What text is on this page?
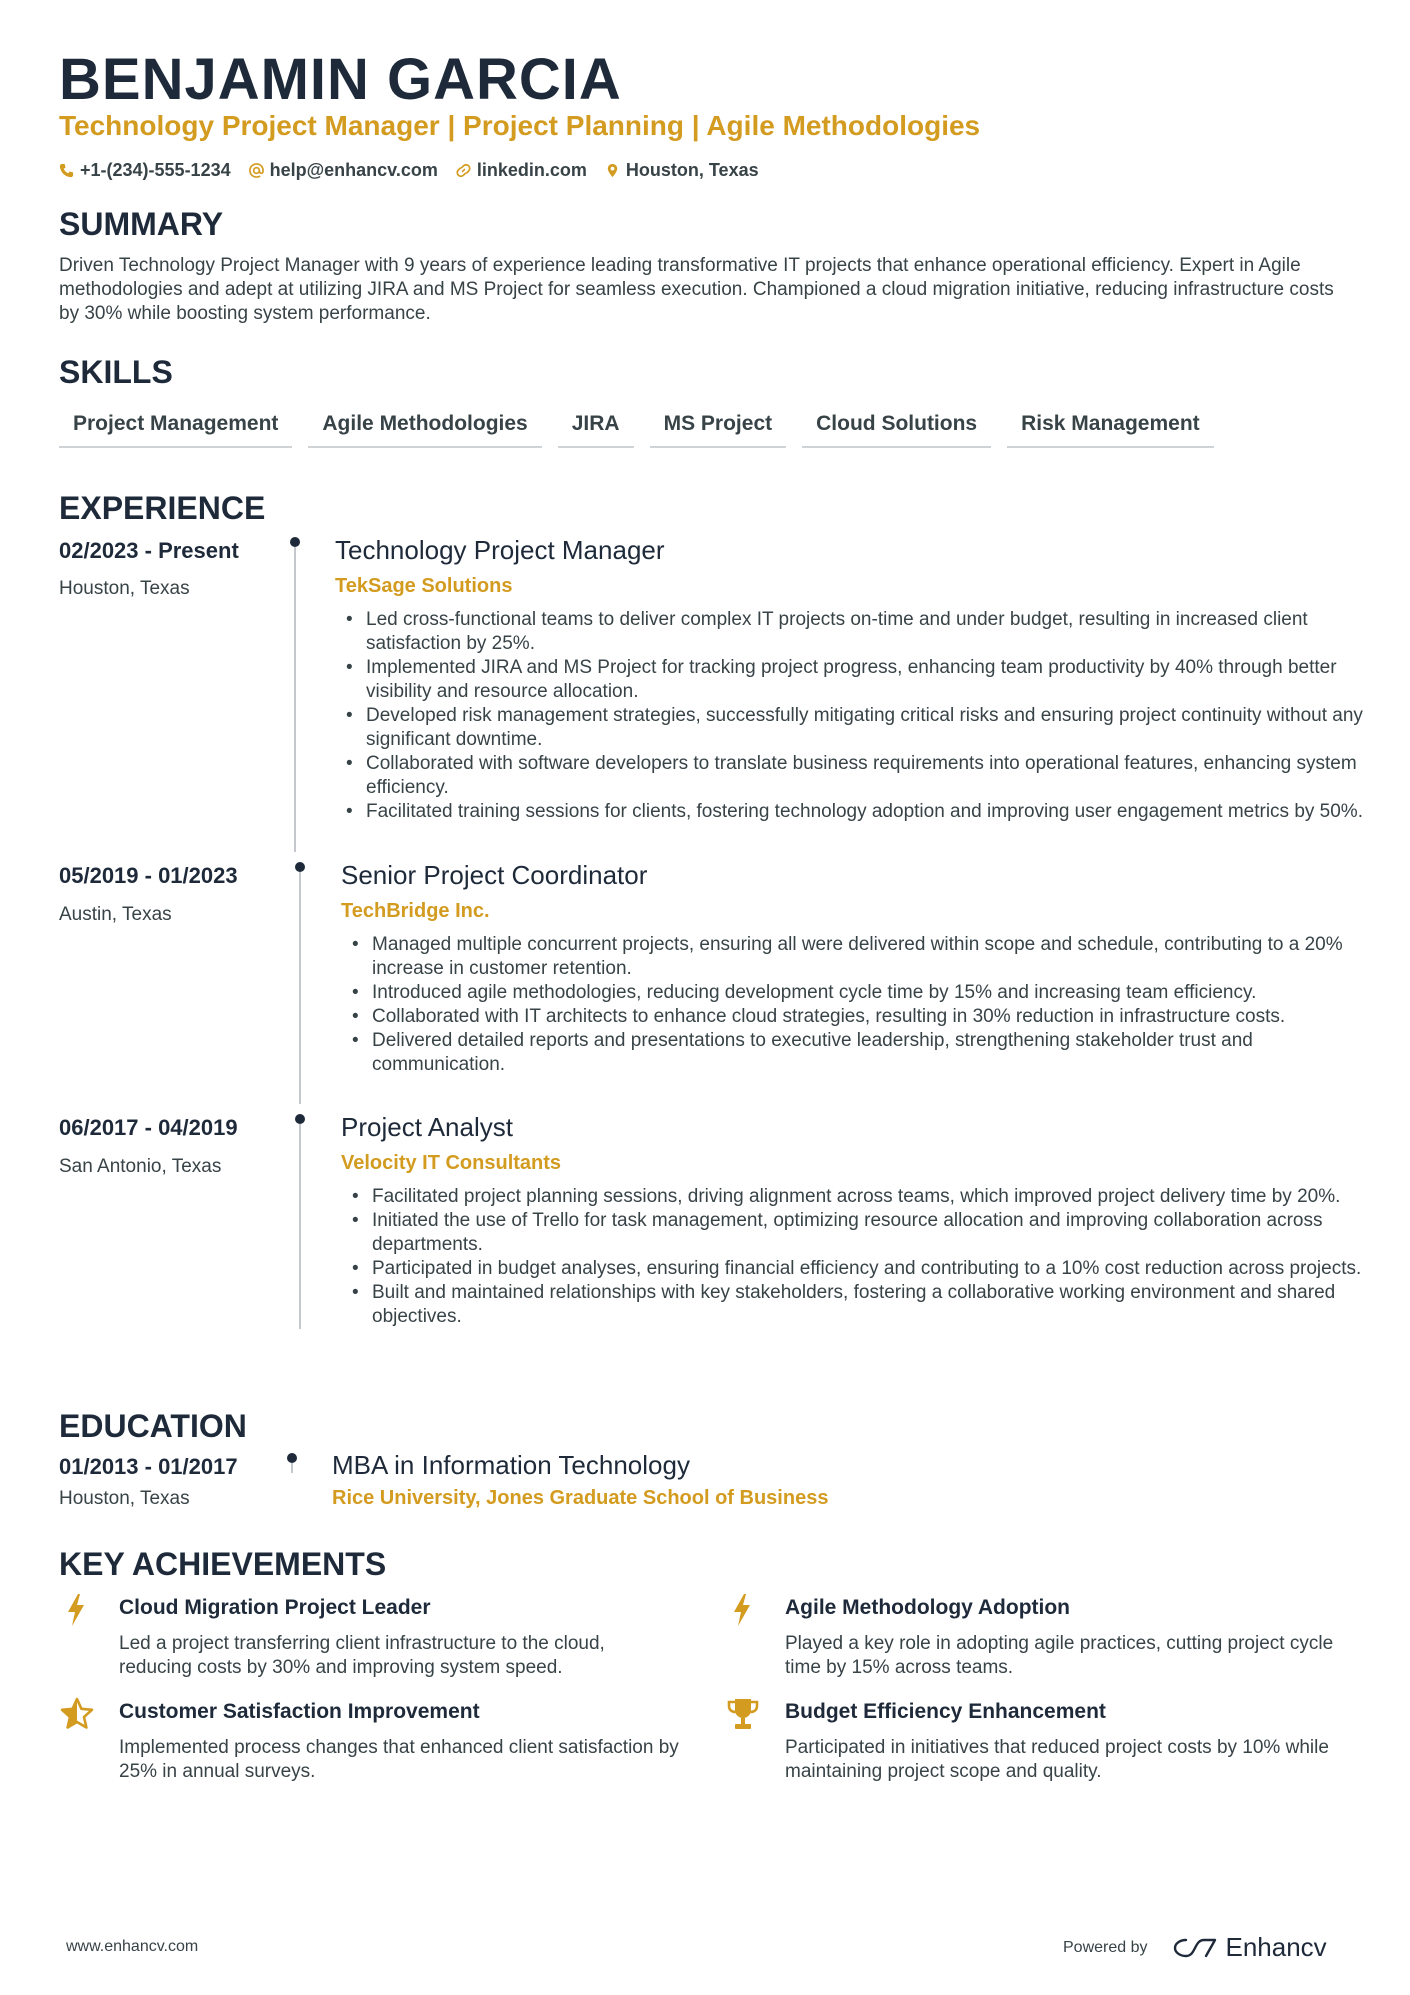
BENJAMIN GARCIA
Technology Project Manager | Project Planning | Agile Methodologies
+1-(234)-555-1234 help@enhancv.com linkedin.com Houston, Texas
SUMMARY
Driven Technology Project Manager with 9 years of experience leading transformative IT projects that enhance operational efficiency. Expert in Agile methodologies and adept at utilizing JIRA and MS Project for seamless execution. Championed a cloud migration initiative, reducing infrastructure costs by 30% while boosting system performance.
SKILLS
Project Management	Agile Methodologies	JIRA	MS Project	Cloud Solutions	Risk Management
EXPERIENCE
02/2023 - Present
Houston, Texas
Technology Project Manager
TekSage Solutions
• Led cross-functional teams to deliver complex IT projects on-time and under budget, resulting in increased client satisfaction by 25%.
• Implemented JIRA and MS Project for tracking project progress, enhancing team productivity by 40% through better visibility and resource allocation.
• Developed risk management strategies, successfully mitigating critical risks and ensuring project continuity without any significant downtime.
• Collaborated with software developers to translate business requirements into operational features, enhancing system efficiency.
• Facilitated training sessions for clients, fostering technology adoption and improving user engagement metrics by 50%.
05/2019 - 01/2023
Austin, Texas
Senior Project Coordinator
TechBridge Inc.
• Managed multiple concurrent projects, ensuring all were delivered within scope and schedule, contributing to a 20% increase in customer retention.
• Introduced agile methodologies, reducing development cycle time by 15% and increasing team efficiency.
• Collaborated with IT architects to enhance cloud strategies, resulting in 30% reduction in infrastructure costs.
• Delivered detailed reports and presentations to executive leadership, strengthening stakeholder trust and communication.
06/2017 - 04/2019
San Antonio, Texas
Project Analyst
Velocity IT Consultants
• Facilitated project planning sessions, driving alignment across teams, which improved project delivery time by 20%.
• Initiated the use of Trello for task management, optimizing resource allocation and improving collaboration across departments.
• Participated in budget analyses, ensuring financial efficiency and contributing to a 10% cost reduction across projects.
• Built and maintained relationships with key stakeholders, fostering a collaborative working environment and shared objectives.
EDUCATION
01/2013 - 01/2017
Houston, Texas
MBA in Information Technology
Rice University, Jones Graduate School of Business
KEY ACHIEVEMENTS
Cloud Migration Project Leader
Led a project transferring client infrastructure to the cloud, reducing costs by 30% and improving system speed.
Agile Methodology Adoption
Played a key role in adopting agile practices, cutting project cycle time by 15% across teams.
Customer Satisfaction Improvement
Implemented process changes that enhanced client satisfaction by 25% in annual surveys.
Budget Efficiency Enhancement
Participated in initiatives that reduced project costs by 10% while maintaining project scope and quality.
www.enhancv.com	Powered by	Enhancv
